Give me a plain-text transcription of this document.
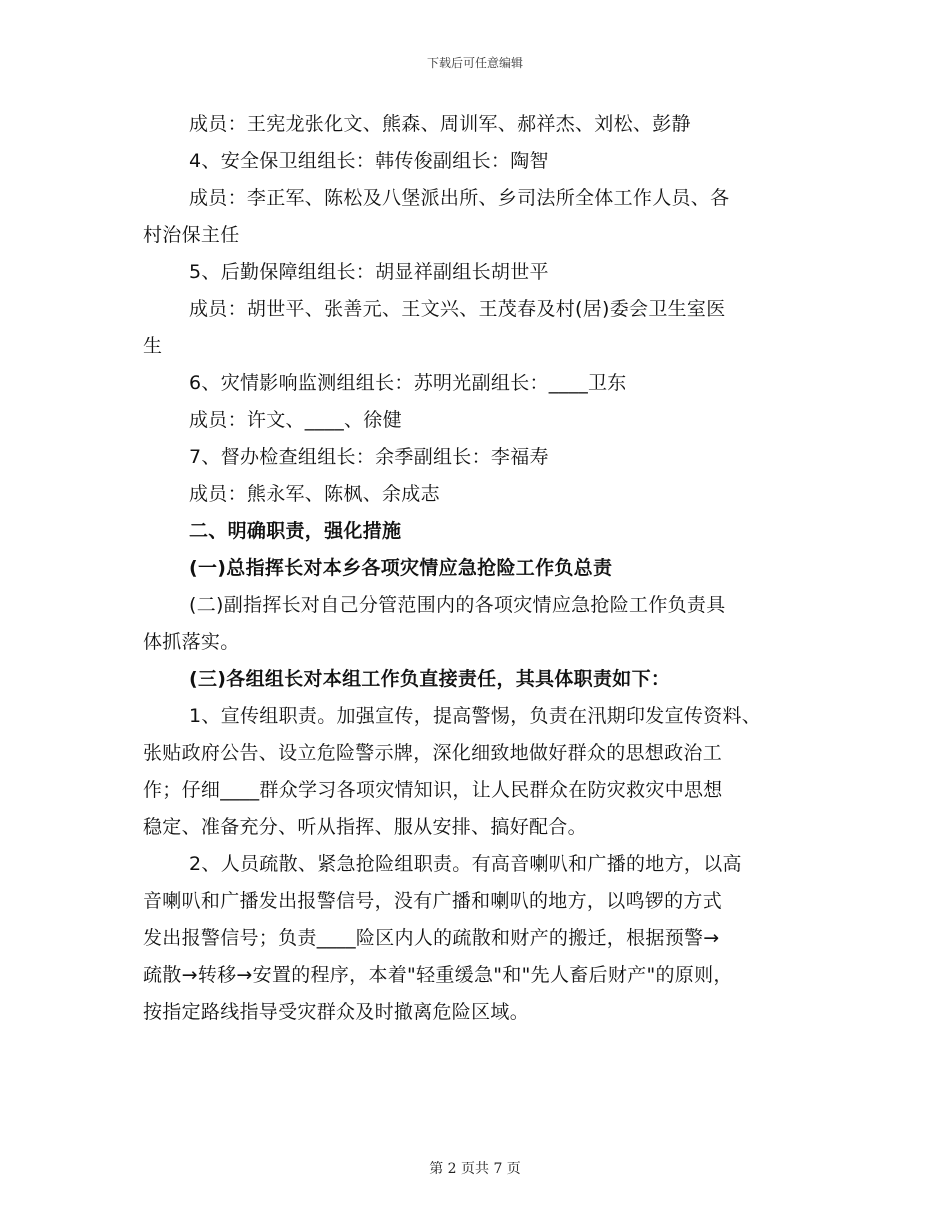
下载后可任意编辑
成员：王宪龙张化文、熊森、周训军、郝祥杰、刘松、彭静
4、安全保卫组组长：韩传俊副组长：陶智
成员：李正军、陈松及八堡派出所、乡司法所全体工作人员、各
村治保主任
5、后勤保障组组长：胡显祥副组长胡世平
成员：胡世平、张善元、王文兴、王茂春及村(居)委会卫生室医
生
6、灾情影响监测组组长：苏明光副组长：____卫东
成员：许文、____、徐健
7、督办检查组组长：余季副组长：李福寿
成员：熊永军、陈枫、余成志
二、明确职责，强化措施
(一)总指挥长对本乡各项灾情应急抢险工作负总责
(二)副指挥长对自己分管范围内的各项灾情应急抢险工作负责具
体抓落实。
(三)各组组长对本组工作负直接责任，其具体职责如下：
1、宣传组职责。加强宣传，提高警惕，负责在汛期印发宣传资料、
张贴政府公告、设立危险警示牌，深化细致地做好群众的思想政治工
作；仔细____群众学习各项灾情知识，让人民群众在防灾救灾中思想
稳定、准备充分、听从指挥、服从安排、搞好配合。
2、人员疏散、紧急抢险组职责。有高音喇叭和广播的地方，以高
音喇叭和广播发出报警信号，没有广播和喇叭的地方，以鸣锣的方式
发出报警信号；负责____险区内人的疏散和财产的搬迁，根据预警→
疏散→转移→安置的程序，本着"轻重缓急"和"先人畜后财产"的原则，
按指定路线指导受灾群众及时撤离危险区域。
第 2 页共 7 页
